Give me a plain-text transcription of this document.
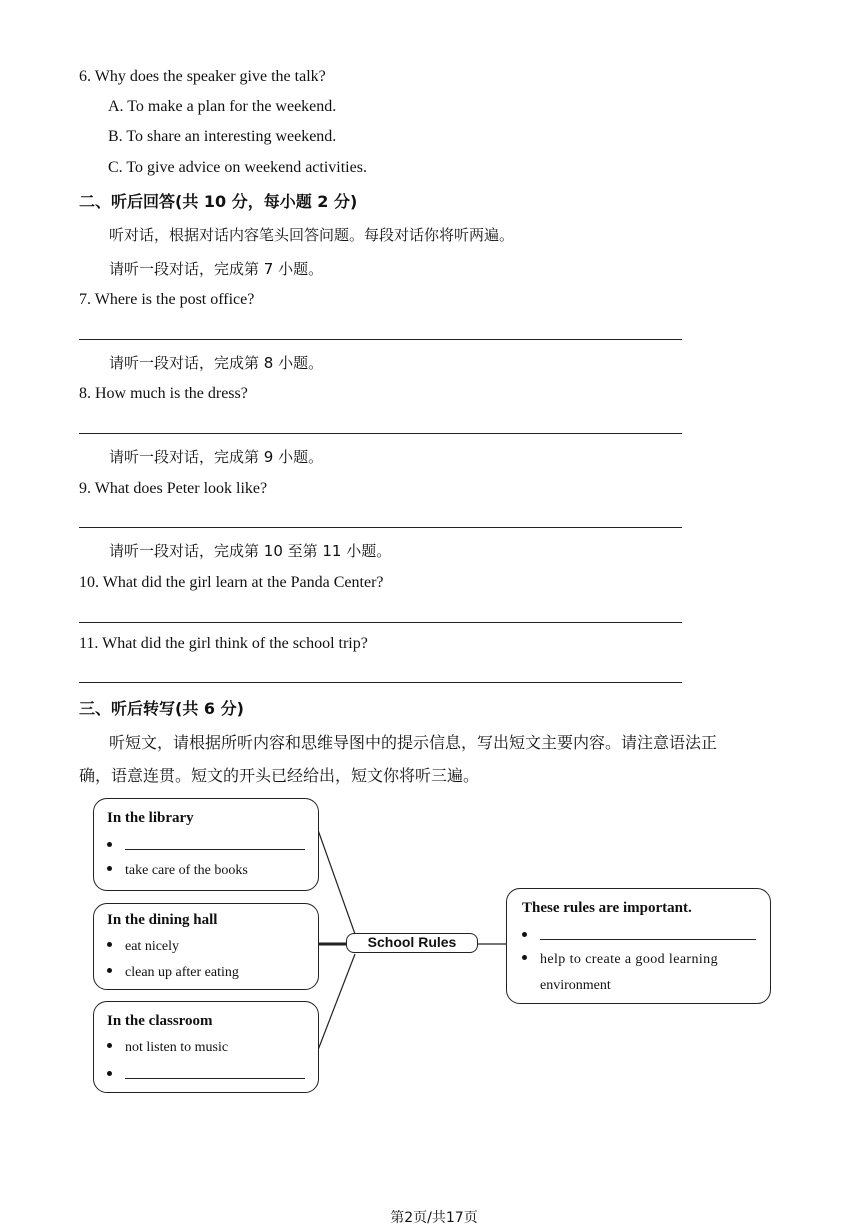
6. Why does the speaker give the talk?
A. To make a plan for the weekend.
B. To share an interesting weekend.
C. To give advice on weekend activities.
二、听后回答(共 10 分，每小题 2 分)
听对话，根据对话内容笔头回答问题。每段对话你将听两遍。
请听一段对话，完成第 7 小题。
7. Where is the post office?
请听一段对话，完成第 8 小题。
8. How much is the dress?
请听一段对话，完成第 9 小题。
9. What does Peter look like?
请听一段对话，完成第 10 至第 11 小题。
10. What did the girl learn at the Panda Center?
11. What did the girl think of the school trip?
三、听后转写(共 6 分)
听短文，请根据所听内容和思维导图中的提示信息，写出短文主要内容。请注意语法正
确，语意连贯。短文的开头已经给出，短文你将听三遍。
In the library
take care of the books
In the dining hall
eat nicely
clean up after eating
In the classroom
not listen to music
School Rules
These rules are important.
help to create a good learning
environment
第2页/共17页
